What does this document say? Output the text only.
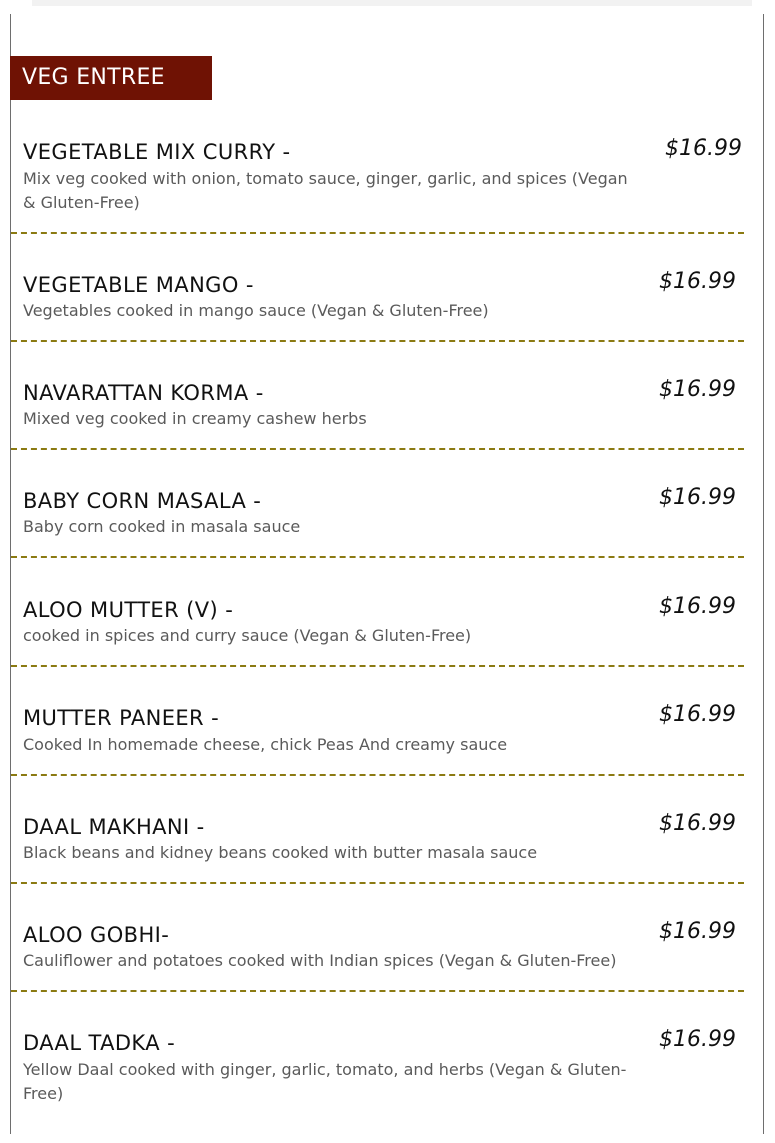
VEG ENTREE
VEGETABLE MIX CURRY -
Mix veg cooked with onion, tomato sauce, ginger, garlic, and spices (Vegan & Gluten-Free)
$16.99
VEGETABLE MANGO -
Vegetables cooked in mango sauce (Vegan & Gluten-Free)
$16.99
NAVARATTAN KORMA -
Mixed veg cooked in creamy cashew herbs
$16.99
BABY CORN MASALA -
Baby corn cooked in masala sauce
$16.99
ALOO MUTTER (V) -
cooked in spices and curry sauce (Vegan & Gluten-Free)
$16.99
MUTTER PANEER -
Cooked In homemade cheese, chick Peas And creamy sauce
$16.99
DAAL MAKHANI -
Black beans and kidney beans cooked with butter masala sauce
$16.99
ALOO GOBHI-
Cauliflower and potatoes cooked with Indian spices (Vegan & Gluten-Free)
$16.99
DAAL TADKA -
Yellow Daal cooked with ginger, garlic, tomato, and herbs (Vegan & Gluten-Free)
$16.99
